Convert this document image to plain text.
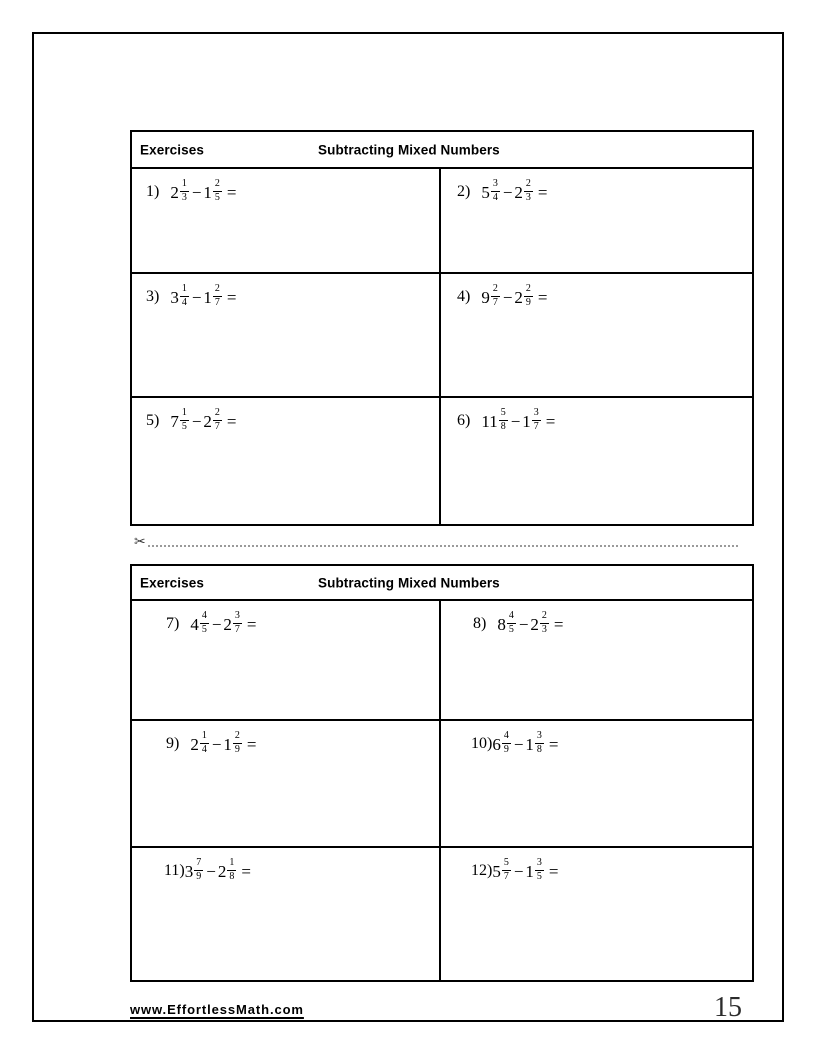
Exercises	Subtracting Mixed Numbers
1) $2 \frac{1}{3} - 1 \frac{2}{5}$ =	2) $5 \frac{3}{4} - 2 \frac{2}{3}$ =
3) $3 \frac{1}{4} - 1 \frac{2}{7}$ =	4) $9 \frac{2}{7} - 2 \frac{2}{9}$ =
5) $7 \frac{1}{5} - 2 \frac{2}{7}$ =	6) $11 \frac{5}{8} - 1 \frac{3}{7}$ =
✂
Exercises	Subtracting Mixed Numbers
7) $4 \frac{4}{5} - 2 \frac{3}{7}$ =	8) $8 \frac{4}{5} - 2 \frac{2}{3}$ =
9) $2 \frac{1}{4} - 1 \frac{2}{9}$ =	10) $6 \frac{4}{9} - 1 \frac{3}{8}$ =
11) $3 \frac{7}{9} - 2 \frac{1}{8}$ =	12) $5 \frac{5}{7} - 1 \frac{3}{5}$ =
www.EffortlessMath.com	15
